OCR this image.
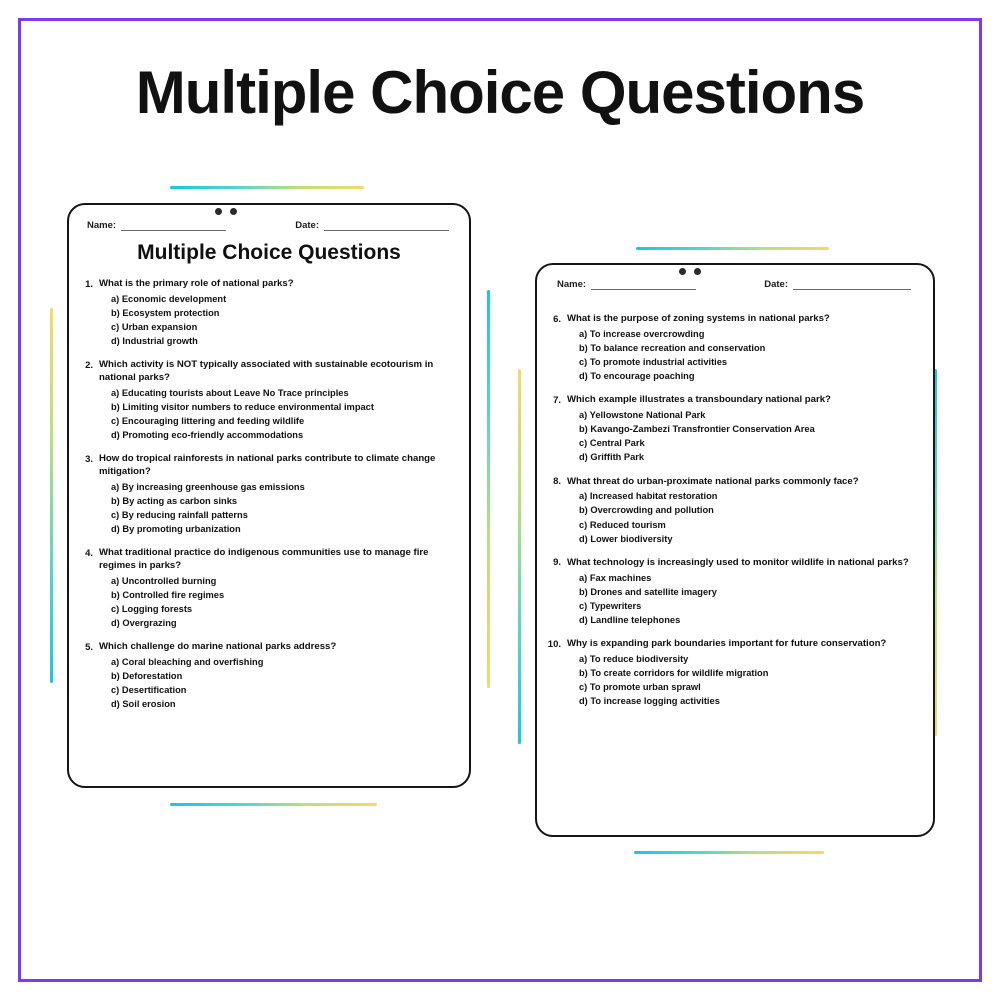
Multiple Choice Questions
Name:	Date:
Multiple Choice Questions
1. What is the primary role of national parks?
a) Economic development
b) Ecosystem protection
c) Urban expansion
d) Industrial growth
2. Which activity is NOT typically associated with sustainable ecotourism in national parks?
a) Educating tourists about Leave No Trace principles
b) Limiting visitor numbers to reduce environmental impact
c) Encouraging littering and feeding wildlife
d) Promoting eco-friendly accommodations
3. How do tropical rainforests in national parks contribute to climate change mitigation?
a) By increasing greenhouse gas emissions
b) By acting as carbon sinks
c) By reducing rainfall patterns
d) By promoting urbanization
4. What traditional practice do indigenous communities use to manage fire regimes in parks?
a) Uncontrolled burning
b) Controlled fire regimes
c) Logging forests
d) Overgrazing
5. Which challenge do marine national parks address?
a) Coral bleaching and overfishing
b) Deforestation
c) Desertification
d) Soil erosion
Name:	Date:
6. What is the purpose of zoning systems in national parks?
a) To increase overcrowding
b) To balance recreation and conservation
c) To promote industrial activities
d) To encourage poaching
7. Which example illustrates a transboundary national park?
a) Yellowstone National Park
b) Kavango-Zambezi Transfrontier Conservation Area
c) Central Park
d) Griffith Park
8. What threat do urban-proximate national parks commonly face?
a) Increased habitat restoration
b) Overcrowding and pollution
c) Reduced tourism
d) Lower biodiversity
9. What technology is increasingly used to monitor wildlife in national parks?
a) Fax machines
b) Drones and satellite imagery
c) Typewriters
d) Landline telephones
10. Why is expanding park boundaries important for future conservation?
a) To reduce biodiversity
b) To create corridors for wildlife migration
c) To promote urban sprawl
d) To increase logging activities
